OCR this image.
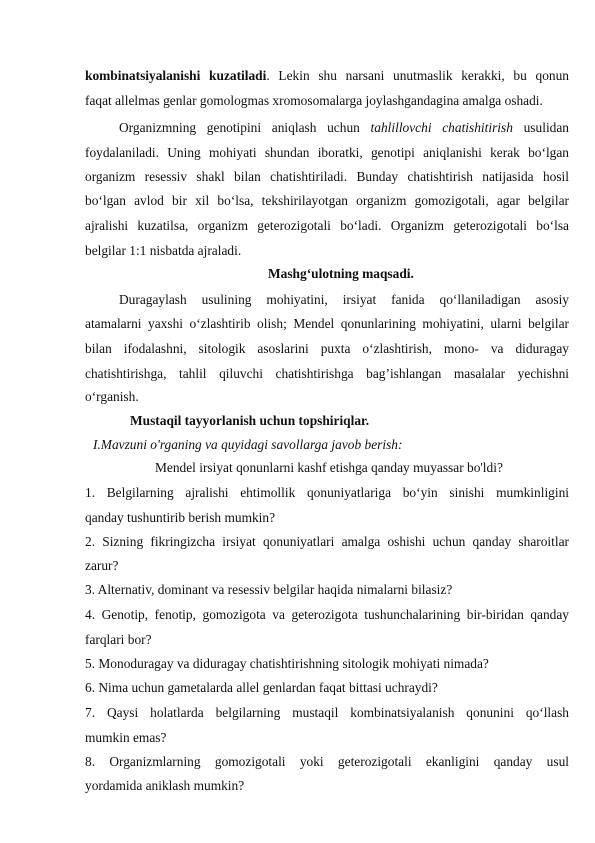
kombinatsiyalanishi kuzatiladi. Lekin shu narsani unutmaslik kerakki, bu qonun
faqat allelmas genlar gomologmas xromosomalarga joylashgandagina amalga oshadi.
Organizmning genotipini aniqlash uchun tahlillovchi chatishitirish usulidan
foydalaniladi. Uning mohiyati shundan iboratki, genotipi aniqlanishi kerak bo‘lgan
organizm resessiv shakl bilan chatishtiriladi. Bunday chatishtirish natijasida hosil
bo‘lgan avlod bir xil bo‘lsa, tekshirilayotgan organizm gomozigotali, agar belgilar
ajralishi kuzatilsa, organizm geterozigotali bo‘ladi. Organizm geterozigotali bo‘lsa
belgilar 1:1 nisbatda ajraladi.
Mashg‘ulotning maqsadi.
Duragaylash usulining mohiyatini, irsiyat fanida qo‘llaniladigan asosiy
atamalarni yaxshi o‘zlashtirib olish; Mendel qonunlarining mohiyatini, ularni belgilar
bilan ifodalashni, sitologik asoslarini puxta o‘zlashtirish, mono- va diduragay
chatishtirishga, tahlil qiluvchi chatishtirishga bag’ishlangan masalalar yechishni
o‘rganish.
Mustaqil tayyorlanish uchun topshiriqlar.
I.Mavzuni o'rganing va quyidagi savollarga javob berish:
Mendel irsiyat qonunlarni kashf etishga qanday muyassar bo'ldi?
1. Belgilarning ajralishi ehtimollik qonuniyatlariga bo‘yin sinishi mumkinligini
qanday tushuntirib berish mumkin?
2. Sizning fikringizcha irsiyat qonuniyatlari amalga oshishi uchun qanday sharoitlar
zarur?
3. Alternativ, dominant va resessiv belgilar haqida nimalarni bilasiz?
4. Genotip, fenotip, gomozigota va geterozigota tushunchalarining bir-biridan qanday
farqlari bor?
5. Monoduragay va diduragay chatishtirishning sitologik mohiyati nimada?
6. Nima uchun gametalarda allel genlardan faqat bittasi uchraydi?
7. Qaysi holatlarda belgilarning mustaqil kombinatsiyalanish qonunini qo‘llash
mumkin emas?
8. Organizmlarning gomozigotali yoki geterozigotali ekanligini qanday usul
yordamida aniklash mumkin?
